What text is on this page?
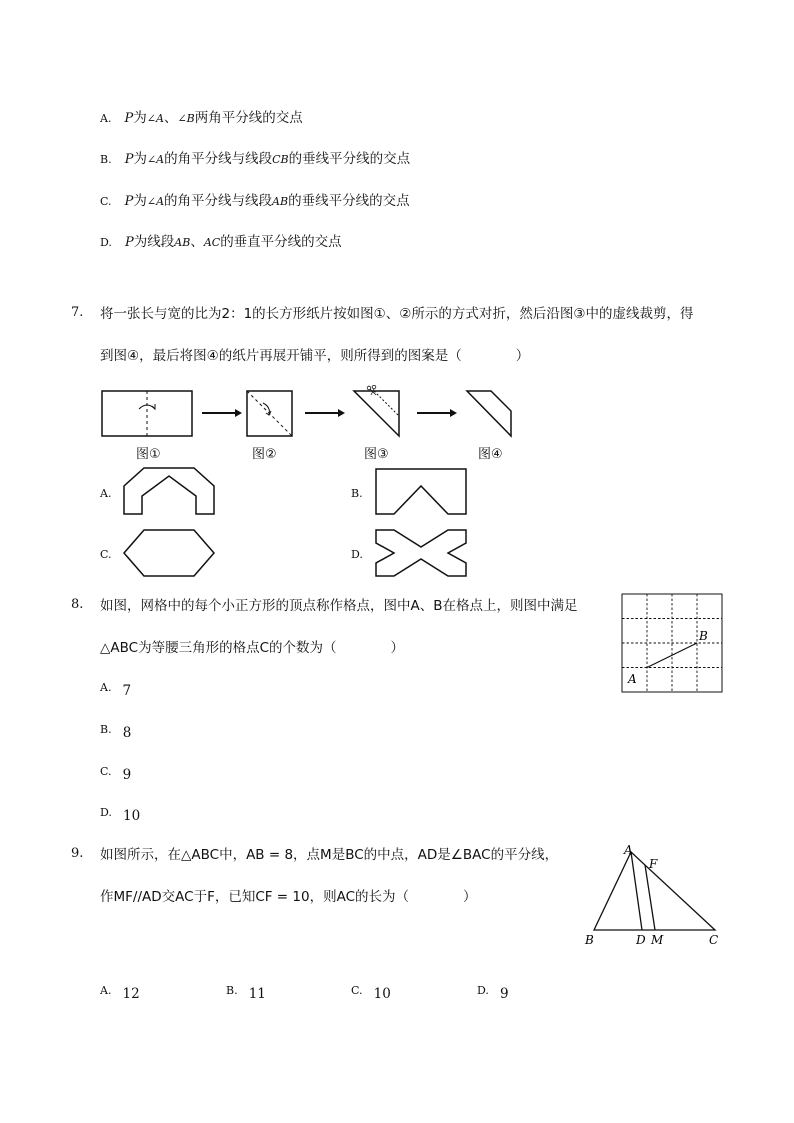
A. P为∠A、∠B两角平分线的交点
B. P为∠A的角平分线与线段CB的垂线平分线的交点
C. P为∠A的角平分线与线段AB的垂线平分线的交点
D. P为线段AB、AC的垂直平分线的交点
7. 将一张长与宽的比为2：1的长方形纸片按如图①、②所示的方式对折，然后沿图③中的虚线裁剪，得
到图④，最后将图④的纸片再展开铺平，则所得到的图案是（　　　　）
图①	图②	图③	图④
A.	B.
C.	D.
8. 如图，网格中的每个小正方形的顶点称作格点，图中A、B在格点上，则图中满足
△ABC为等腰三角形的格点C的个数为（　　　　）
A
B
$^{A.}$ 7
$^{B.}$ 8
$^{C.}$ 9
$^{D.}$ 10
9. 如图所示，在△ABC中，AB = 8，点M是BC的中点，AD是∠BAC的平分线，
作MF//AD交AC于F，已知CF = 10，则AC的长为（　　　　）
A
F
B	D M	C
$^{A.}$ 12	$^{B.}$ 11	$^{C.}$ 10	$^{D.}$ 9
